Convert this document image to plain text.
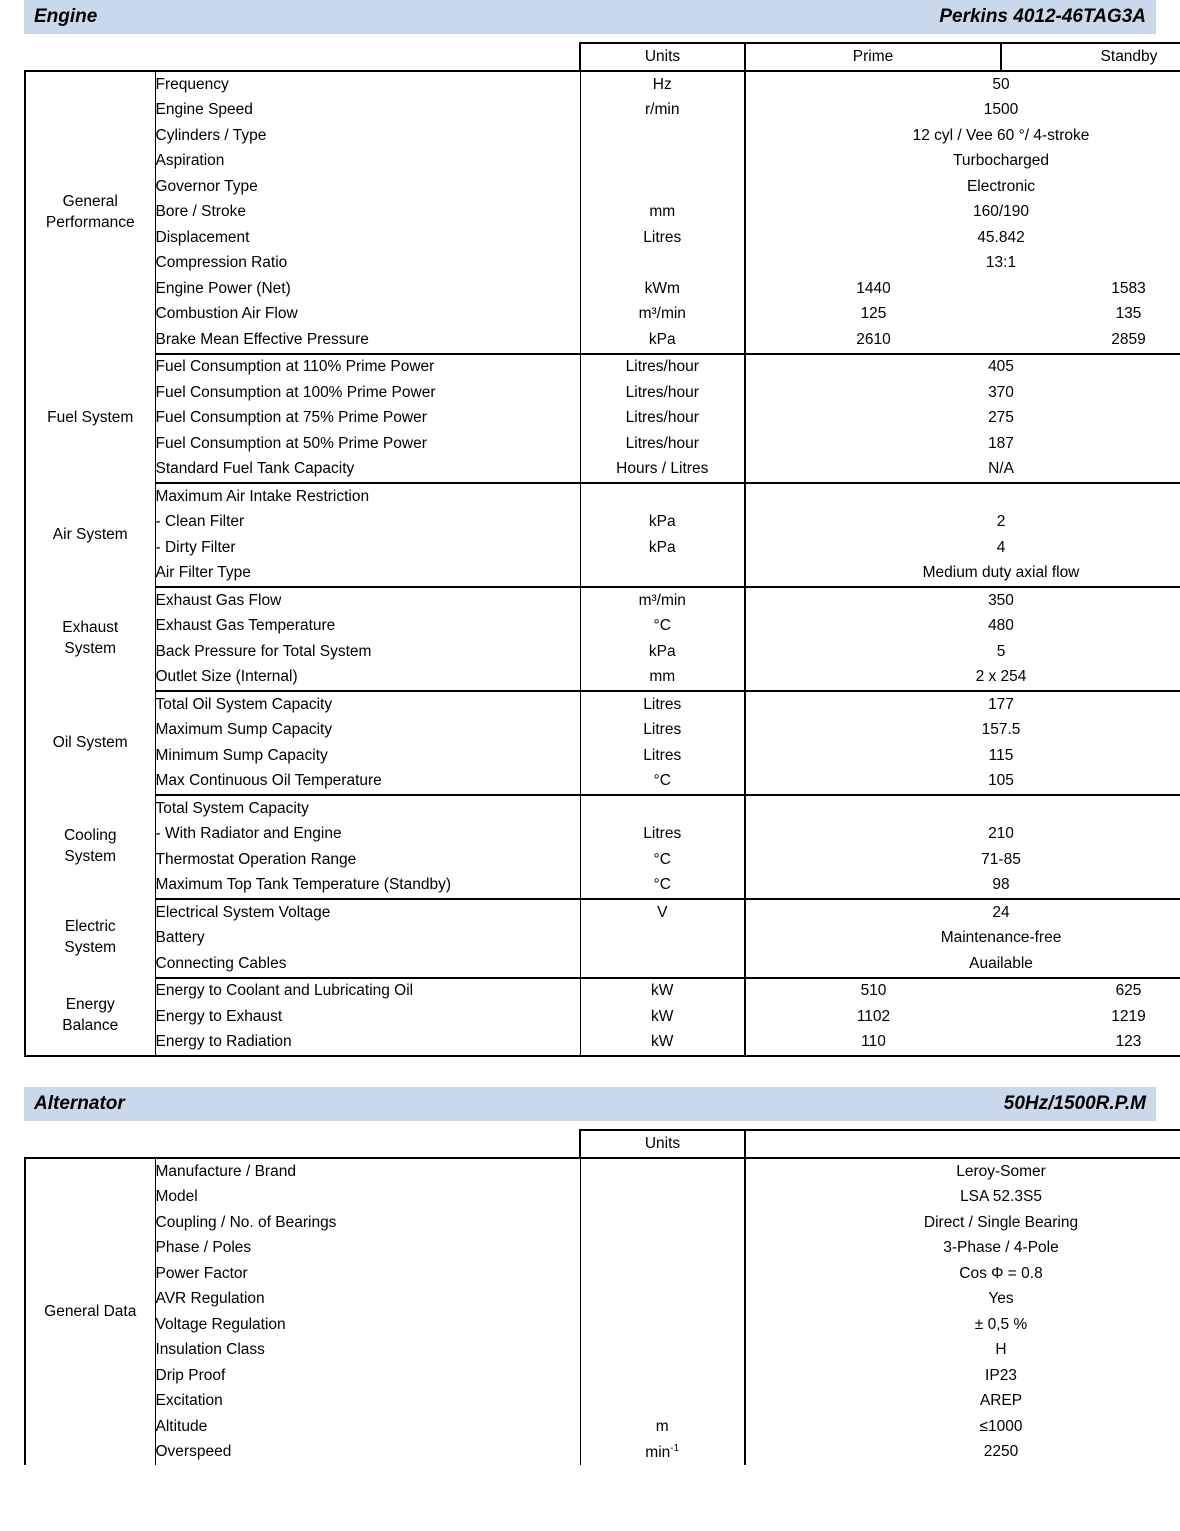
Engine	Perkins 4012-46TAG3A
		Units	Prime	Standby
General
Performance	Frequency	Hz	50	
	Engine Speed	r/min	1500	
	Cylinders / Type		12 cyl / Vee 60 °/ 4-stroke	
	Aspiration		Turbocharged	
	Governor Type		Electronic	
	Bore / Stroke	mm	160/190	
	Displacement	Litres	45.842	
	Compression Ratio		13:1	
	Engine Power (Net)	kWm	1440	1583
	Combustion Air Flow	m³/min	125	135
	Brake Mean Effective Pressure	kPa	2610	2859
Fuel System	Fuel Consumption at 110% Prime Power	Litres/hour	405	
	Fuel Consumption at 100% Prime Power	Litres/hour	370	
	Fuel Consumption at 75% Prime Power	Litres/hour	275	
	Fuel Consumption at 50% Prime Power	Litres/hour	187	
	Standard Fuel Tank Capacity	Hours / Litres	N/A	
Air System	Maximum Air Intake Restriction			
	- Clean Filter	kPa	2	
	- Dirty Filter	kPa	4	
	Air Filter Type		Medium duty axial flow	
Exhaust
System	Exhaust Gas Flow	m³/min	350	
	Exhaust Gas Temperature	°C	480	
	Back Pressure for Total System	kPa	5	
	Outlet Size (Internal)	mm	2 x 254	
Oil System	Total Oil System Capacity	Litres	177	
	Maximum Sump Capacity	Litres	157.5	
	Minimum Sump Capacity	Litres	115	
	Max Continuous Oil Temperature	°C	105	
Cooling
System	Total System Capacity			
	- With Radiator and Engine	Litres	210	
	Thermostat Operation Range	°C	71-85	
	Maximum Top Tank Temperature (Standby)	°C	98	
Electric
System	Electrical System Voltage	V	24	
	Battery		Maintenance-free	
	Connecting Cables		Auailable	
Energy
Balance	Energy to Coolant and Lubricating Oil	kW	510	625
	Energy to Exhaust	kW	1102	1219
	Energy to Radiation	kW	110	123
Alternator	50Hz/1500R.P.M
		Units	
General Data	Manufacture / Brand		Leroy-Somer
	Model		LSA 52.3S5
	Coupling / No. of Bearings		Direct / Single Bearing
	Phase / Poles		3-Phase / 4-Pole
	Power Factor		Cos Φ = 0.8
	AVR Regulation		Yes
	Voltage Regulation		± 0,5 %
	Insulation Class		H
	Drip Proof		IP23
	Excitation		AREP
	Altitude	m	≤1000
	Overspeed	$\min^{-1}$	2250
